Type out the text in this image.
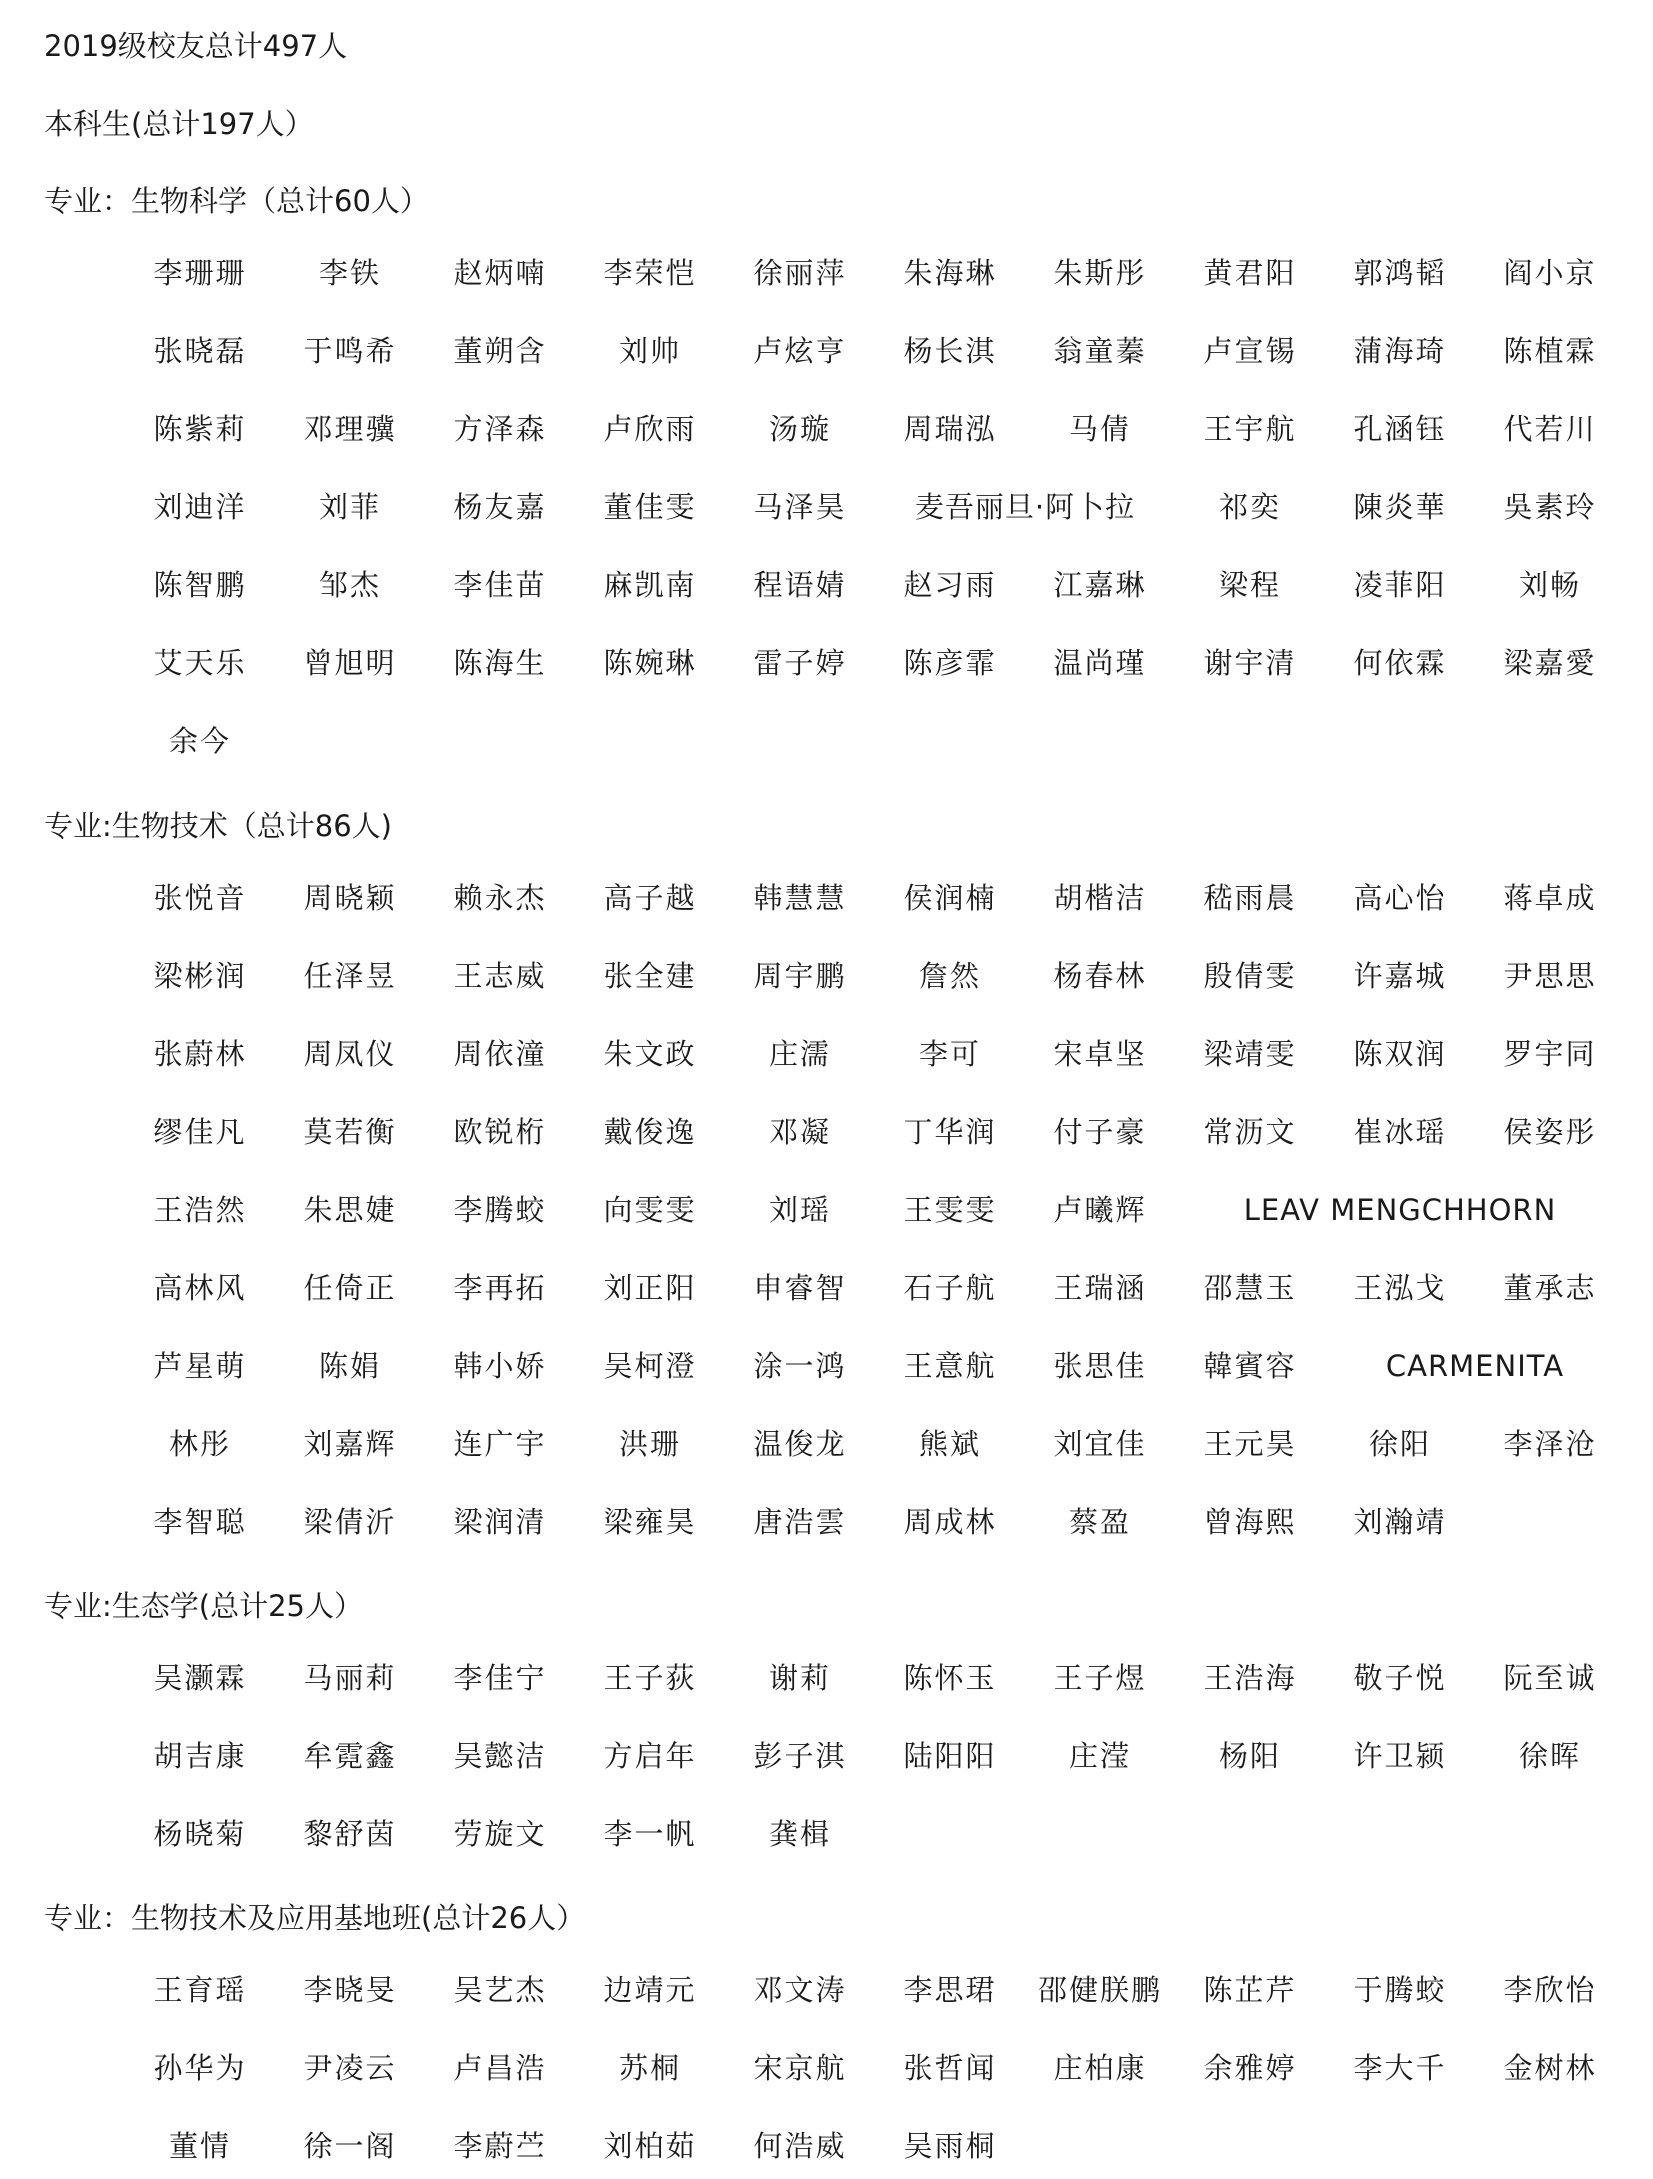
2019级校友总计497人
本科生(总计197人）
专业：生物科学（总计60人）
李珊珊	李铁	赵炳喃	李荣恺	徐丽萍	朱海琳	朱斯彤	黄君阳	郭鸿韬	阎小京
张晓磊	于鸣希	董朔含	刘帅	卢炫亨	杨长淇	翁童蓁	卢宣锡	蒲海琦	陈植霖
陈紫莉	邓理骥	方泽森	卢欣雨	汤璇	周瑞泓	马倩	王宇航	孔涵钰	代若川
刘迪洋	刘菲	杨友嘉	董佳雯	马泽昊	麦吾丽旦·阿卜拉	祁奕	陳炎華	吳素玲
陈智鹏	邹杰	李佳苗	麻凯南	程语婧	赵习雨	江嘉琳	梁程	凌菲阳	刘畅
艾天乐	曾旭明	陈海生	陈婉琳	雷子婷	陈彦霏	温尚瑾	谢宇清	何依霖	梁嘉愛
余今
专业:生物技术（总计86人)
张悦音	周晓颖	赖永杰	高子越	韩慧慧	侯润楠	胡楷洁	嵇雨晨	高心怡	蒋卓成
梁彬润	任泽昱	王志威	张全建	周宇鹏	詹然	杨春林	殷倩雯	许嘉城	尹思思
张蔚林	周凤仪	周依潼	朱文政	庄濡	李可	宋卓坚	梁靖雯	陈双润	罗宇同
缪佳凡	莫若衡	欧锐桁	戴俊逸	邓凝	丁华润	付子豪	常沥文	崔冰瑶	侯姿彤
王浩然	朱思婕	李腾蛟	向雯雯	刘瑶	王雯雯	卢曦辉	LEAV MENGCHHORN
高林风	任倚正	李再拓	刘正阳	申睿智	石子航	王瑞涵	邵慧玉	王泓戈	董承志
芦星萌	陈娟	韩小娇	吴柯澄	涂一鸿	王意航	张思佳	韓賓容	CARMENITA
林彤	刘嘉辉	连广宇	洪珊	温俊龙	熊斌	刘宜佳	王元昊	徐阳	李泽沧
李智聪	梁倩沂	梁润清	梁雍昊	唐浩雲	周成林	蔡盈	曾海熙	刘瀚靖
专业:生态学(总计25人）
吴灏霖	马丽莉	李佳宁	王子荻	谢莉	陈怀玉	王子煜	王浩海	敬子悦	阮至诚
胡吉康	牟霓鑫	吴懿洁	方启年	彭子淇	陆阳阳	庄滢	杨阳	许卫颍	徐晖
杨晓菊	黎舒茵	劳旋文	李一帆	龚楫
专业：生物技术及应用基地班(总计26人）
王育瑶	李晓旻	吴艺杰	边靖元	邓文涛	李思珺	邵健朕鹏	陈芷芹	于腾蛟	李欣怡
孙华为	尹凌云	卢昌浩	苏桐	宋京航	张哲闻	庄柏康	余雅婷	李大千	金树林
董情	徐一阁	李蔚苎	刘柏茹	何浩威	吴雨桐
